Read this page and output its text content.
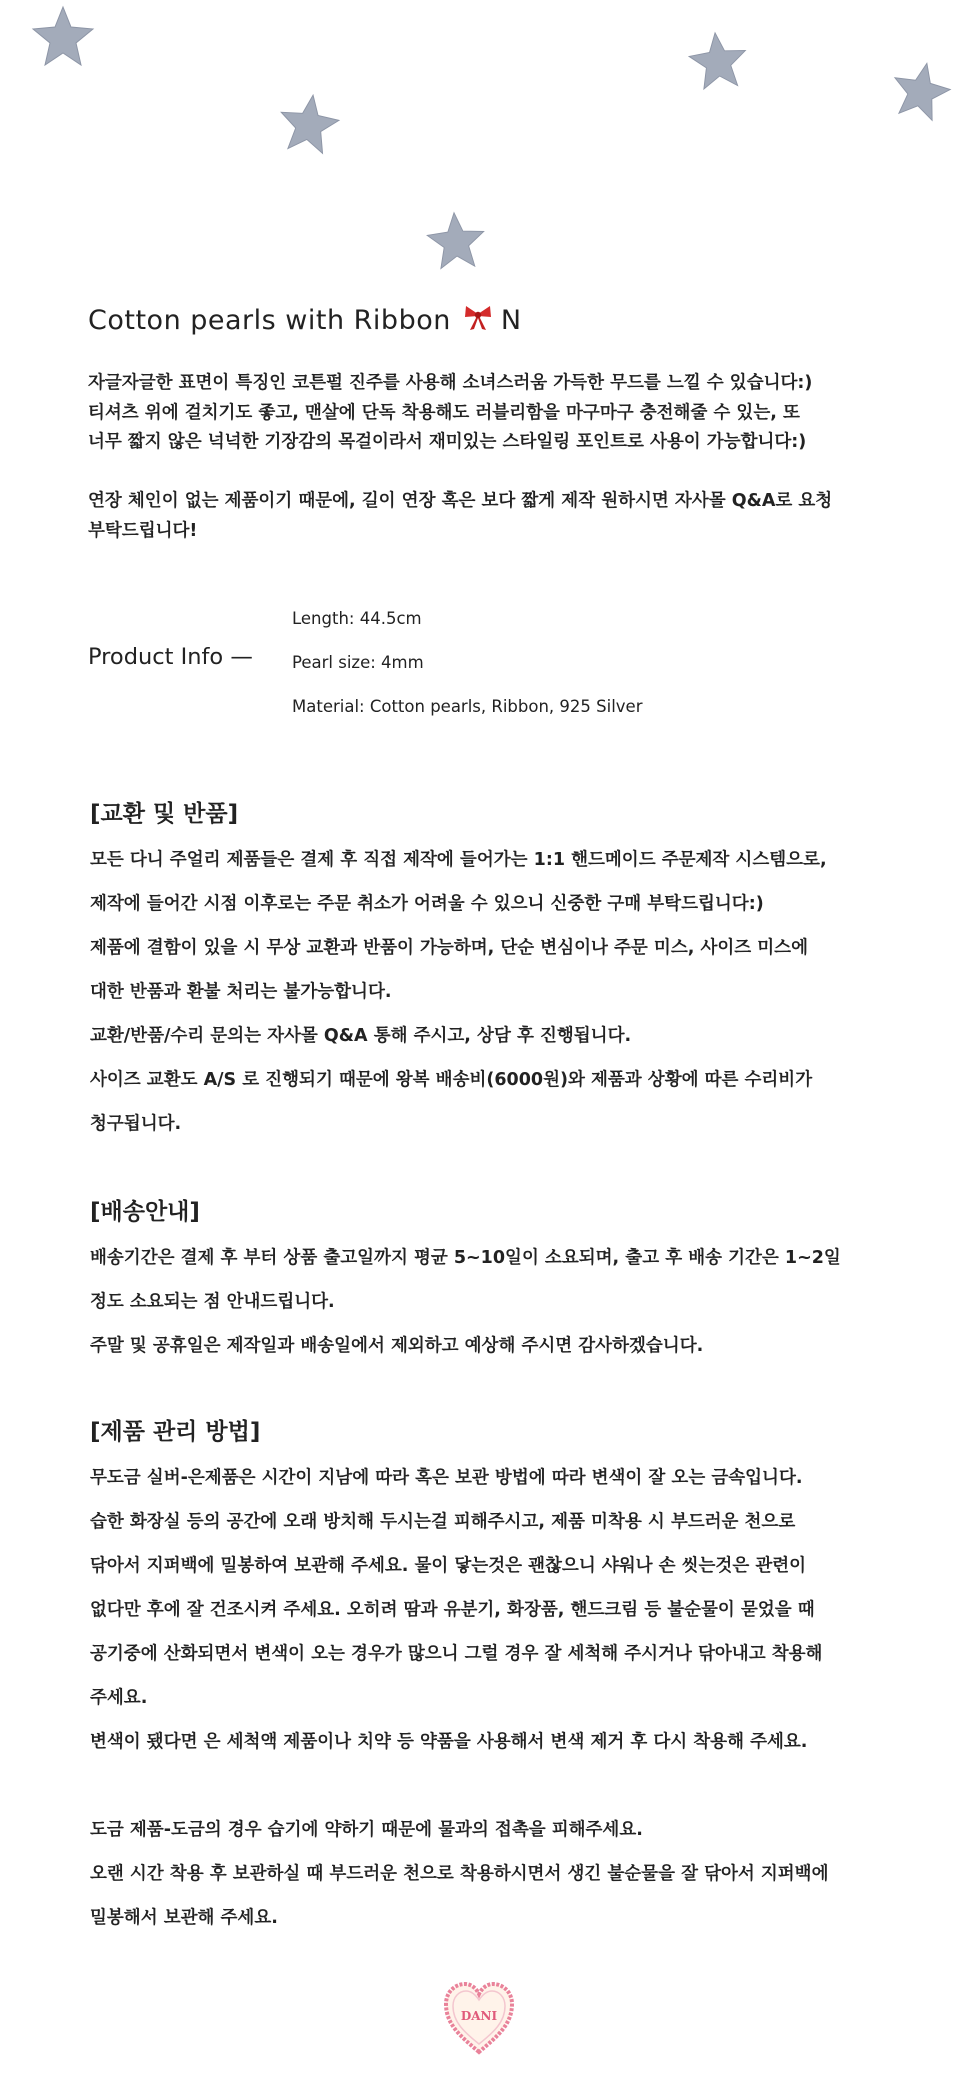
Cotton pearls with Ribbon N
자글자글한 표면이 특징인 코튼펄 진주를 사용해 소녀스러움 가득한 무드를 느낄 수 있습니다:)
티셔츠 위에 걸치기도 좋고, 맨살에 단독 착용해도 러블리함을 마구마구 충전해줄 수 있는, 또
너무 짧지 않은 넉넉한 기장감의 목걸이라서 재미있는 스타일링 포인트로 사용이 가능합니다:)
연장 체인이 없는 제품이기 때문에, 길이 연장 혹은 보다 짧게 제작 원하시면 자사몰 Q&A로 요청
부탁드립니다!
Product Info —
Length: 44.5cm
Pearl size: 4mm
Material: Cotton pearls, Ribbon, 925 Silver
[교환 및 반품]
모든 다니 주얼리 제품들은 결제 후 직접 제작에 들어가는 1:1 핸드메이드 주문제작 시스템으로,
제작에 들어간 시점 이후로는 주문 취소가 어려울 수 있으니 신중한 구매 부탁드립니다:)
제품에 결함이 있을 시 무상 교환과 반품이 가능하며, 단순 변심이나 주문 미스, 사이즈 미스에
대한 반품과 환불 처리는 불가능합니다.
교환/반품/수리 문의는 자사몰 Q&A 통해 주시고, 상담 후 진행됩니다.
사이즈 교환도 A/S 로 진행되기 때문에 왕복 배송비(6000원)와 제품과 상황에 따른 수리비가
청구됩니다.
[배송안내]
배송기간은 결제 후 부터 상품 출고일까지 평균 5~10일이 소요되며, 출고 후 배송 기간은 1~2일
정도 소요되는 점 안내드립니다.
주말 및 공휴일은 제작일과 배송일에서 제외하고 예상해 주시면 감사하겠습니다.
[제품 관리 방법]
무도금 실버-은제품은 시간이 지남에 따라 혹은 보관 방법에 따라 변색이 잘 오는 금속입니다.
습한 화장실 등의 공간에 오래 방치해 두시는걸 피해주시고, 제품 미착용 시 부드러운 천으로
닦아서 지퍼백에 밀봉하여 보관해 주세요. 물이 닿는것은 괜찮으니 샤워나 손 씻는것은 관련이
없다만 후에 잘 건조시켜 주세요. 오히려 땀과 유분기, 화장품, 핸드크림 등 불순물이 묻었을 때
공기중에 산화되면서 변색이 오는 경우가 많으니 그럴 경우 잘 세척해 주시거나 닦아내고 착용해
주세요.
변색이 됐다면 은 세척액 제품이나 치약 등 약품을 사용해서 변색 제거 후 다시 착용해 주세요.
도금 제품-도금의 경우 습기에 약하기 때문에 물과의 접촉을 피해주세요.
오랜 시간 착용 후 보관하실 때 부드러운 천으로 착용하시면서 생긴 불순물을 잘 닦아서 지퍼백에
밀봉해서 보관해 주세요.
DANI
